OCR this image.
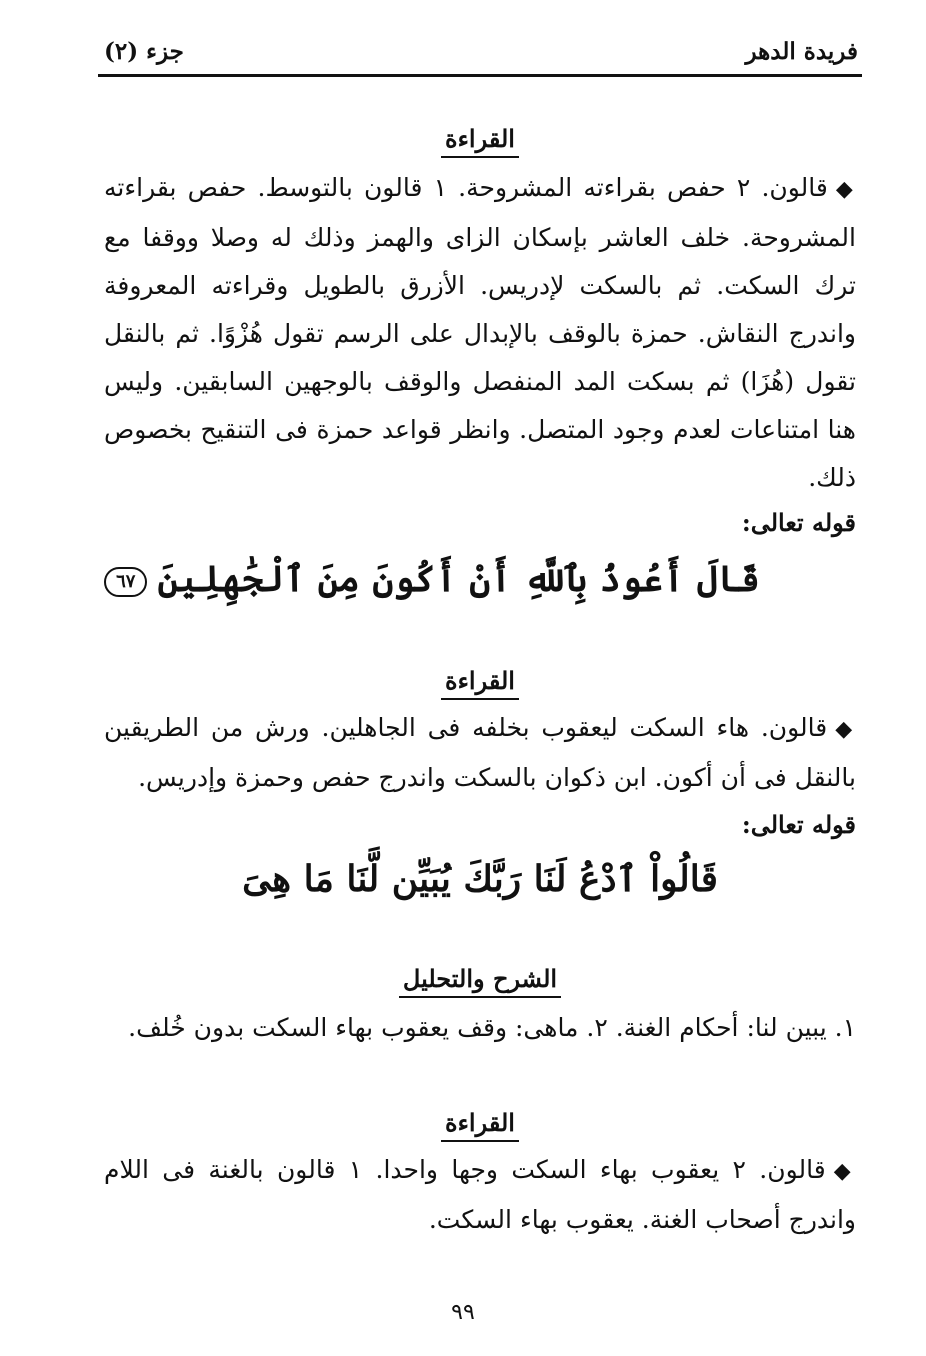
فريدة الدهر
جزء (٢)
القراءة
◆قالون. ٢ حفص بقراءته المشروحة. ١ قالون بالتوسط. حفص بقراءته المشروحة. خلف العاشر بإسكان الزاى والهمز وذلك له وصلا ووقفا مع ترك السكت. ثم بالسكت لإدريس. الأزرق بالطويل وقراءته المعروفة واندرج النقاش. حمزة بالوقف بالإبدال على الرسم تقول هُزْوًا. ثم بالنقل تقول (هُزَا) ثم بسكت المد المنفصل والوقف بالوجهين السابقين. وليس هنا امتناعات لعدم وجود المتصل. وانظر قواعد حمزة فى التنقيح بخصوص ذلك.
قوله تعالى:
قَالَ أَعُوذُ بِٱللَّهِ أَنْ أَكُونَ مِنَ ٱلْجَٰهِلِينَ٦٧
القراءة
◆قالون. هاء السكت ليعقوب بخلفه فى الجاهلين. ورش من الطريقين بالنقل فى أن أكون. ابن ذكوان بالسكت واندرج حفص وحمزة وإدريس.
قوله تعالى:
قَالُواْ ٱدْعُ لَنَا رَبَّكَ يُبَيِّن لَّنَا مَا هِىَ
الشرح والتحليل
١. يبين لنا: أحكام الغنة. ٢. ماهى: وقف يعقوب بهاء السكت بدون خُلف.
القراءة
◆قالون. ٢ يعقوب بهاء السكت وجها واحدا. ١ قالون بالغنة فى اللام واندرج أصحاب الغنة. يعقوب بهاء السكت.
٩٩
